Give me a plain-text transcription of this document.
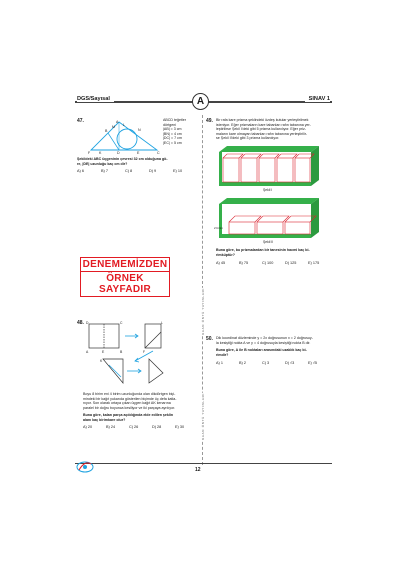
DGS/Sayısal	A	SINAV 1
KAAN ÖNTÜ YAYINLARI
KAAN ÖNTÜ YAYINLARI
47.	A
B
C
D	E
F K
L
M
N
ABCD teğetler
dörtgeni
|AB| = 3 cm
|BN| = 4 cm
|DC| = 7 cm
|EC| = 5 cm
Şekildeki ABC üçgeninin çevresi 32 cm olduğuna gö-
re, |DE| uzunluğu kaç cm dir?
A) 6	B) 7	C) 8	D) 9	E) 10
DENEMEMİZDEN
ÖRNEK SAYFADIR
48. D	C
A	B
E	F
K
L
Boyu 8 birim eni 4 birim uzunluğunda olan dikdörtgen biçi-
mindeki bir kağıt yukarıda gösterilen biçimde üç defa katla-
nıyor. Son olarak ortaya çıkan üçgen kağıt AK kenarına
paralel bir doğru boyunca kesiliyor ve iki parçaya ayrılıyor.
Buna göre, kalan parça açıldığında elde edilen şeklin
alanı kaç birimkare olur?
A) 20	B) 24	C) 26	D) 28	E) 30
49. Bir rafa kare prizma şeklindeki özdeş kutular yerleştirilmek
isteniyor. Eğer prizmaların kare tabanları rafın tabanına yer-
leştirilirse Şekil I'deki gibi 5 prizma kullanılıyor. Eğer priz-
maların kare olmayan tabanları rafın tabanına yerleştirilir-
se Şekil II'deki gibi 3 prizma kullanılıyor.
Şekil I
2 birim
Şekil II
Buna göre, bu prizmalardan bir tanesinin hacmi kaç bi-
rimküptür?
A) 45	B) 75	C) 100	D) 125	E) 175
50. Dik koordinat düzleminde y = 2x doğrusunun x = 2 doğrusuy-
la kesiştiği nokta A ve y = 4 doğrusuyla kesiştiği nokta B dir.
Buna göre, A ile B noktaları arasındaki uzaklık kaç bi-
rimdir?
A) 1	B) 2	C) 3	D) √3	E) √5
12
